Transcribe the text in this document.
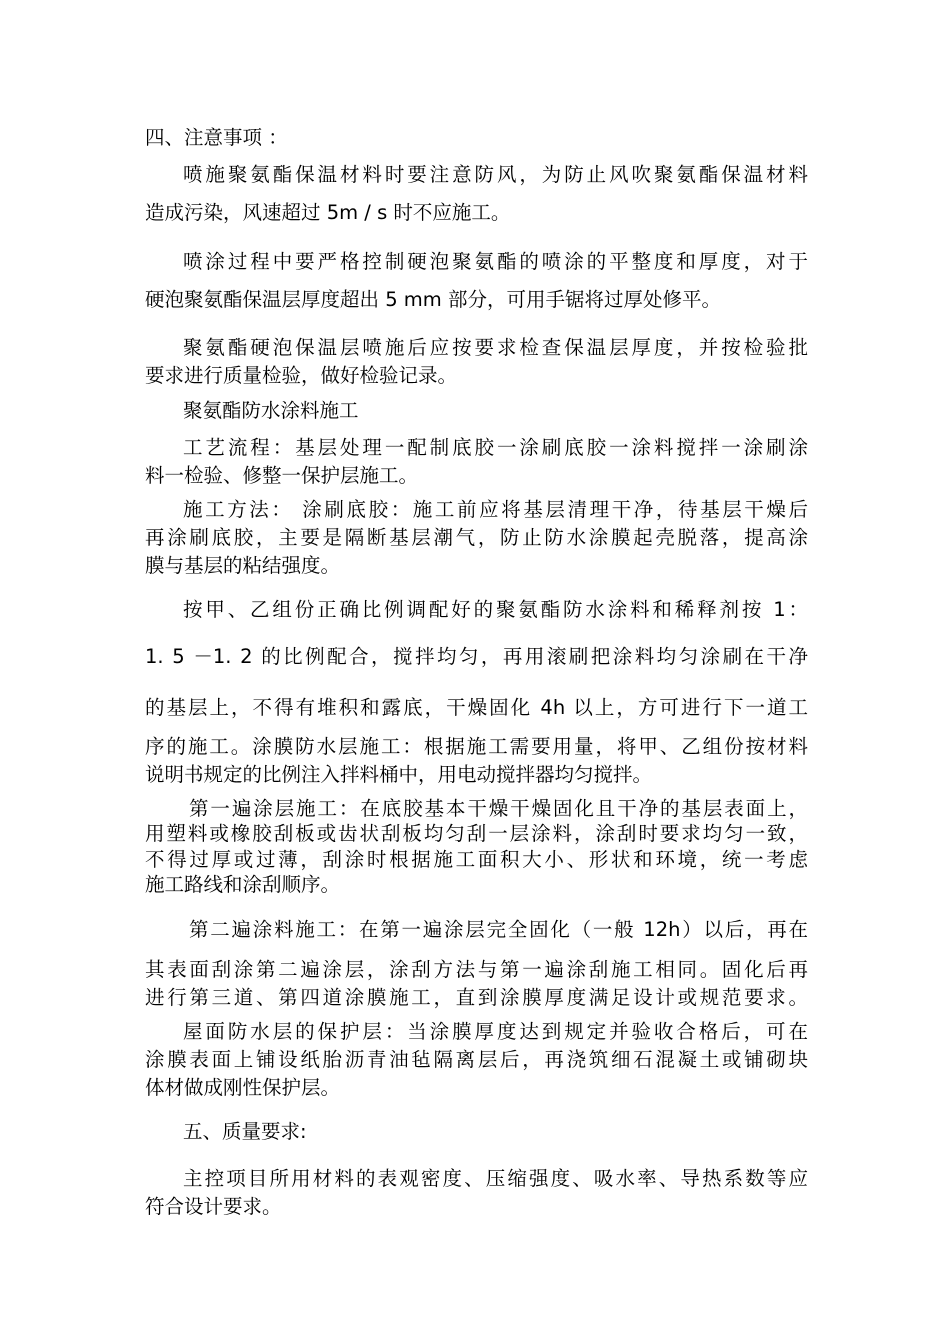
四、注意事项 ：

喷施聚氨酯保温材料时要注意防风，为防止风吹聚氨酯保温材料

造成污染，风速超过 5m / s 时不应施工。

喷涂过程中要严格控制硬泡聚氨酯的喷涂的平整度和厚度，对于

硬泡聚氨酯保温层厚度超出 5 mm 部分，可用手锯将过厚处修平。

聚氨酯硬泡保温层喷施后应按要求检查保温层厚度，并按检验批

要求进行质量检验，做好检验记录。

聚氨酯防水涂料施工

工艺流程：基层处理一配制底胶一涂刷底胶一涂料搅拌一涂刷涂

料一检验、修整一保护层施工。

施工方法： 涂刷底胶：施工前应将基层清理干净，待基层干燥后

再涂刷底胶，主要是隔断基层潮气，防止防水涂膜起壳脱落，提高涂

膜与基层的粘结强度。

按甲、乙组份正确比例调配好的聚氨酯防水涂料和稀释剂按 1：

1. 5 －1. 2 的比例配合，搅拌均匀，再用滚刷把涂料均匀涂刷在干净

的基层上，不得有堆积和露底，干燥固化 4h 以上，方可进行下一道工

序的施工。涂膜防水层施工：根据施工需要用量，将甲、乙组份按材料

说明书规定的比例注入拌料桶中，用电动搅拌器均匀搅拌。

第一遍涂层施工：在底胶基本干燥干燥固化且干净的基层表面上，

用塑料或橡胶刮板或齿状刮板均匀刮一层涂料，涂刮时要求均匀一致，

不得过厚或过薄，刮涂时根据施工面积大小、形状和环境，统一考虑

施工路线和涂刮顺序。

第二遍涂料施工：在第一遍涂层完全固化（一般 12h）以后，再在

其表面刮涂第二遍涂层，涂刮方法与第一遍涂刮施工相同。固化后再

进行第三道、第四道涂膜施工，直到涂膜厚度满足设计或规范要求。

屋面防水层的保护层：当涂膜厚度达到规定并验收合格后，可在

涂膜表面上铺设纸胎沥青油毡隔离层后，再浇筑细石混凝土或铺砌块

体材做成刚性保护层。

五、质量要求:

主控项目所用材料的表观密度、压缩强度、吸水率、导热系数等应

符合设计要求。
